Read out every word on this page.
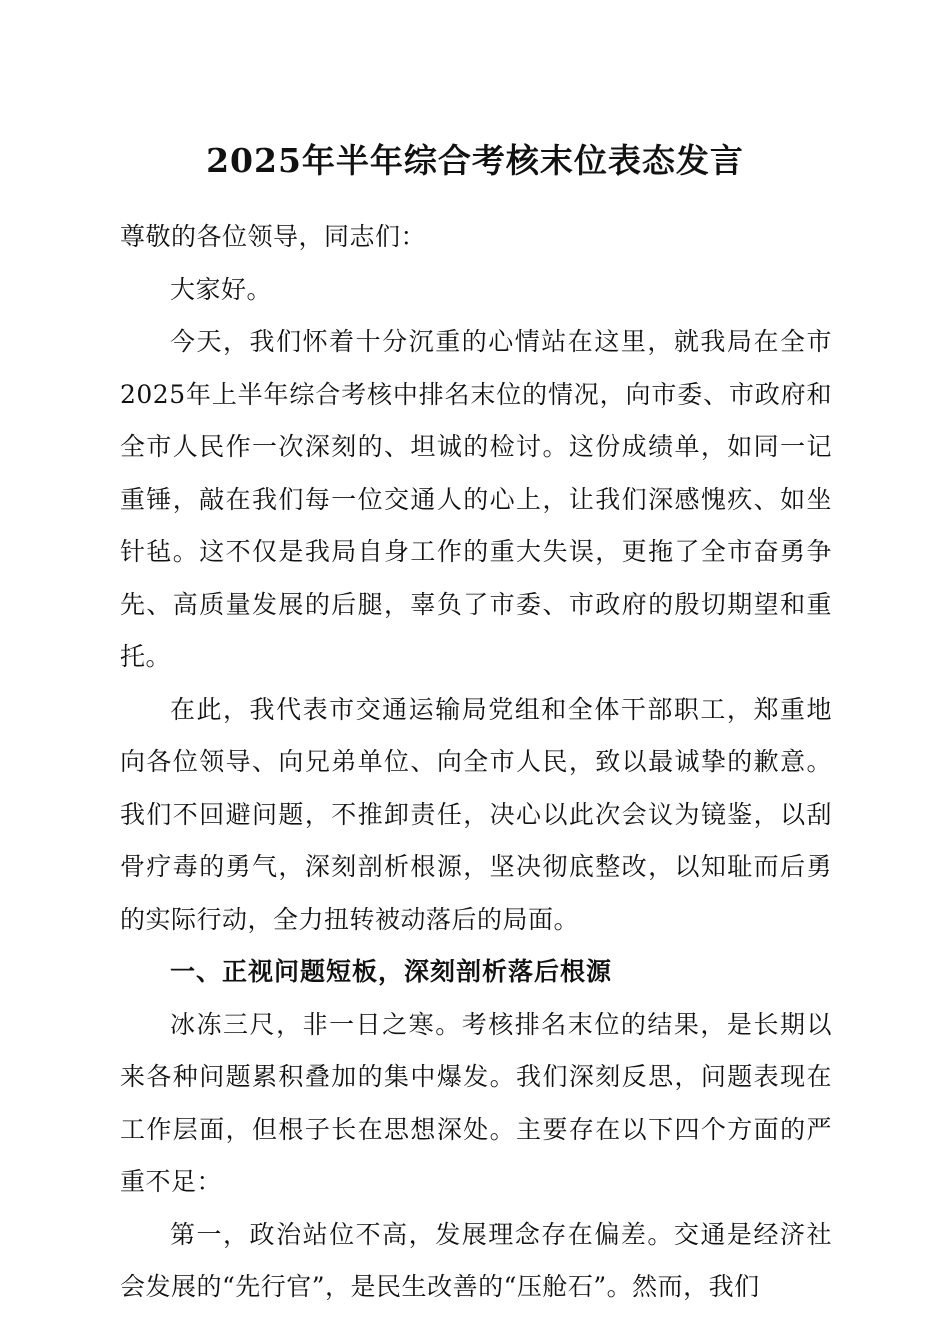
2025年半年综合考核末位表态发言

尊敬的各位领导，同志们：

大家好。

今天，我们怀着十分沉重的心情站在这里，就我局在全市2025年上半年综合考核中排名末位的情况，向市委、市政府和全市人民作一次深刻的、坦诚的检讨。这份成绩单，如同一记重锤，敲在我们每一位交通人的心上，让我们深感愧疚、如坐针毡。这不仅是我局自身工作的重大失误，更拖了全市奋勇争先、高质量发展的后腿，辜负了市委、市政府的殷切期望和重托。

在此，我代表市交通运输局党组和全体干部职工，郑重地向各位领导、向兄弟单位、向全市人民，致以最诚挚的歉意。我们不回避问题，不推卸责任，决心以此次会议为镜鉴，以刮骨疗毒的勇气，深刻剖析根源，坚决彻底整改，以知耻而后勇的实际行动，全力扭转被动落后的局面。

一、正视问题短板，深刻剖析落后根源

冰冻三尺，非一日之寒。考核排名末位的结果，是长期以来各种问题累积叠加的集中爆发。我们深刻反思，问题表现在工作层面，但根子长在思想深处。主要存在以下四个方面的严重不足：

第一，政治站位不高，发展理念存在偏差。交通是经济社会发展的“先行官”，是民生改善的“压舱石”。然而，我们
